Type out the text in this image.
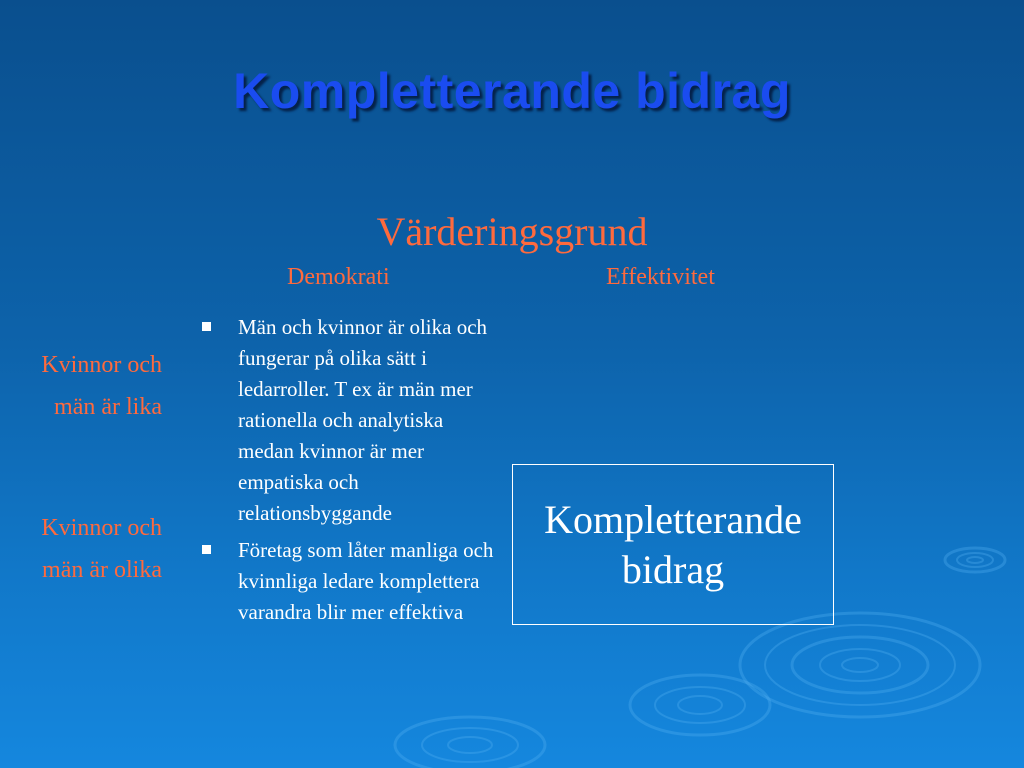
Kompletterande bidrag
Värderingsgrund
Demokrati	Effektivitet
Kvinnor och
män är lika
Kvinnor och
män är olika
Män och kvinnor är olika och fungerar på olika sätt i ledarroller. T ex är män mer rationella och analytiska medan kvinnor är mer empatiska och relationsbyggande
Företag som låter manliga och kvinnliga ledare komplettera varandra blir mer effektiva
Kompletterande bidrag
